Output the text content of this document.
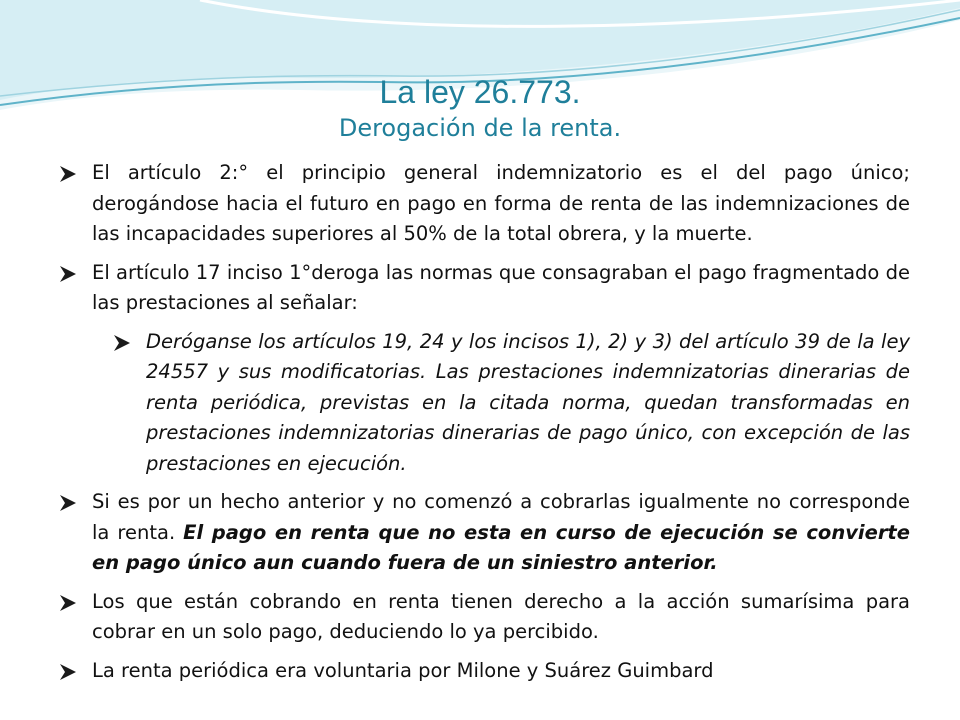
La ley 26.773.
Derogación de la renta.
El artículo 2:° el principio general indemnizatorio es el del pago único; derogándose hacia el futuro en pago en forma de renta de las indemnizaciones de las incapacidades superiores al 50% de la total obrera, y la muerte.
El artículo 17 inciso 1°deroga las normas que consagraban el pago fragmentado de las prestaciones al señalar:
Deróganse los artículos 19, 24 y los incisos 1), 2) y 3) del artículo 39 de la ley 24557 y sus modificatorias. Las prestaciones indemnizatorias dinerarias de renta periódica, previstas en la citada norma, quedan transformadas en prestaciones indemnizatorias dinerarias de pago único, con excepción de las prestaciones en ejecución.
Si es por un hecho anterior y no comenzó a cobrarlas igualmente no corresponde la renta. El pago en renta que no esta en curso de ejecución se convierte en pago único aun cuando fuera de un siniestro anterior.
Los que están cobrando en renta tienen derecho a la acción sumarísima para cobrar en un solo pago, deduciendo lo ya percibido.
La renta periódica era voluntaria por Milone y Suárez Guimbard
